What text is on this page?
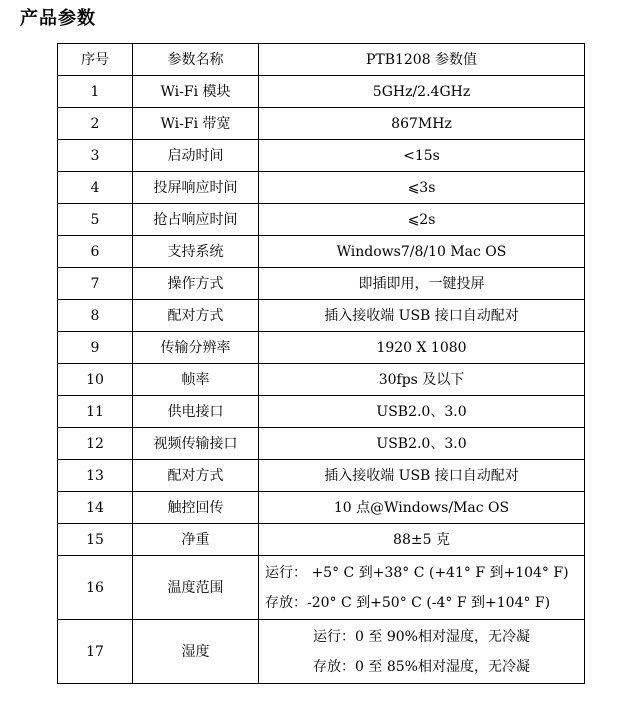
产品参数
序号	参数名称	PTB1208 参数值
1	Wi-Fi 模块	5GHz/2.4GHz
2	Wi-Fi 带宽	867MHz
3	启动时间	<15s
4	投屏响应时间	⩽3s
5	抢占响应时间	⩽2s
6	支持系统	Windows7/8/10 Mac OS
7	操作方式	即插即用，一键投屏
8	配对方式	插入接收端 USB 接口自动配对
9	传输分辨率	1920 X 1080
10	帧率	30fps 及以下
11	供电接口	USB2.0、3.0
12	视频传输接口	USB2.0、3.0
13	配对方式	插入接收端 USB 接口自动配对
14	触控回传	10 点@Windows/Mac OS
15	净重	88±5 克
16	温度范围	运行： +5° C 到+38° C (+41° F 到+104° F)
存放：-20° C 到+50° C (-4° F 到+104° F)

17	湿度	运行：0 至 90%相对湿度，无冷凝
存放：0 至 85%相对湿度，无冷凝
